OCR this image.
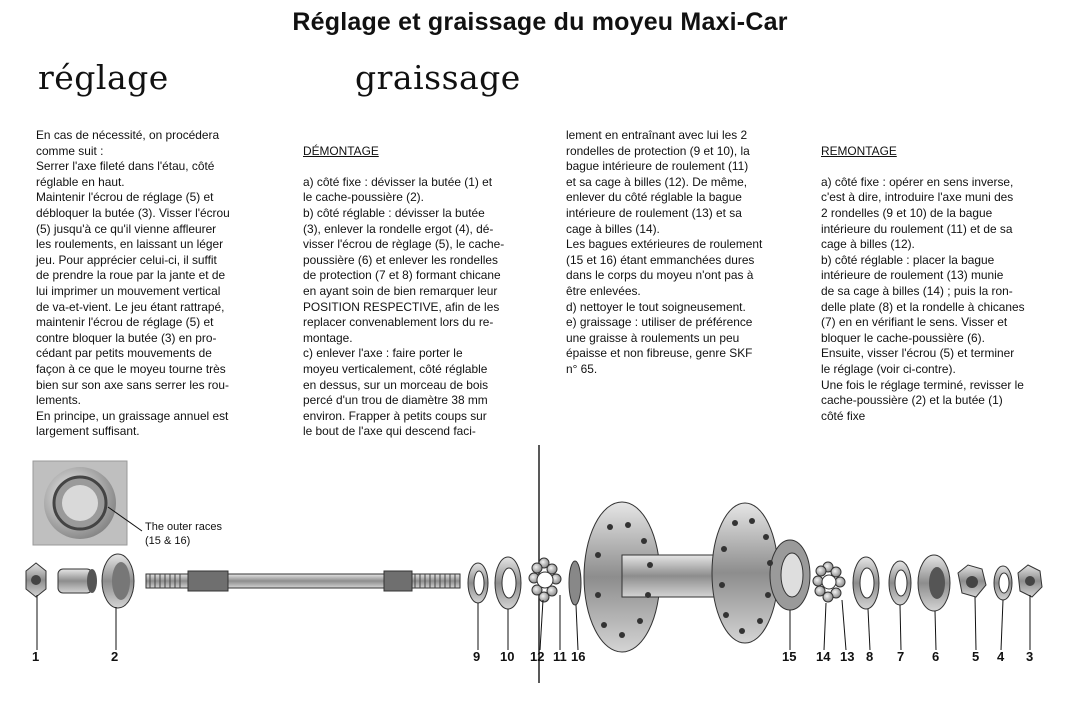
Réglage et graissage du moyeu Maxi-Car
réglage	graissage

En cas de nécessité, on procédera
comme suit :
Serrer l'axe fileté dans l'étau, côté
réglable en haut.
Maintenir l'écrou de réglage (5) et
débloquer la butée (3). Visser l'écrou
(5) jusqu'à ce qu'il vienne affleurer
les roulements, en laissant un léger
jeu. Pour apprécier celui-ci, il suffit
de prendre la roue par la jante et de
lui imprimer un mouvement vertical
de va-et-vient. Le jeu étant rattrapé,
maintenir l'écrou de réglage (5) et
contre bloquer la butée (3) en pro-
cédant par petits mouvements de
façon à ce que le moyeu tourne très
bien sur son axe sans serrer les rou-
lements.
En principe, un graissage annuel est
largement suffisant.

DÉMONTAGE

a) côté fixe : dévisser la butée (1) et
le cache-poussière (2).
b) côté réglable : dévisser la butée
(3), enlever la rondelle ergot (4), dé-
visser l'écrou de règlage (5), le cache-
poussière (6) et enlever les rondelles
de protection (7 et 8) formant chicane
en ayant soin de bien remarquer leur
POSITION RESPECTIVE, afin de les
replacer convenablement lors du re-
montage.
c) enlever l'axe : faire porter le
moyeu verticalement, côté réglable
en dessus, sur un morceau de bois
percé d'un trou de diamètre 38 mm
environ. Frapper à petits coups sur
le bout de l'axe qui descend faci-

lement en entraînant avec lui les 2
rondelles de protection (9 et 10), la
bague intérieure de roulement (11)
et sa cage à billes (12). De même,
enlever du côté réglable la bague
intérieure de roulement (13) et sa
cage à billes (14).
Les bagues extérieures de roulement
(15 et 16) étant emmanchées dures
dans le corps du moyeu n'ont pas à
être enlevées.
d) nettoyer le tout soigneusement.
e) graissage : utiliser de préférence
une graisse à roulements un peu
épaisse et non fibreuse, genre SKF
n° 65.

REMONTAGE

a) côté fixe : opérer en sens inverse,
c'est à dire, introduire l'axe muni des
2 rondelles (9 et 10) de la bague
intérieure du roulement (11) et de sa
cage à billes (12).
b) côté réglable : placer la bague
intérieure de roulement (13) munie
de sa cage à billes (14) ; puis la ron-
delle plate (8) et la rondelle à chicanes
(7) en en vérifiant le sens. Visser et
bloquer le cache-poussière (6).
Ensuite, visser l'écrou (5) et terminer
le réglage (voir ci-contre).
Une fois le réglage terminé, revisser le
cache-poussière (2) et la butée (1)
côté fixe

The outer races
(15 & 16)
1	2	9 10 12 11 16	15 14 13 8 7 6	5 4 3
